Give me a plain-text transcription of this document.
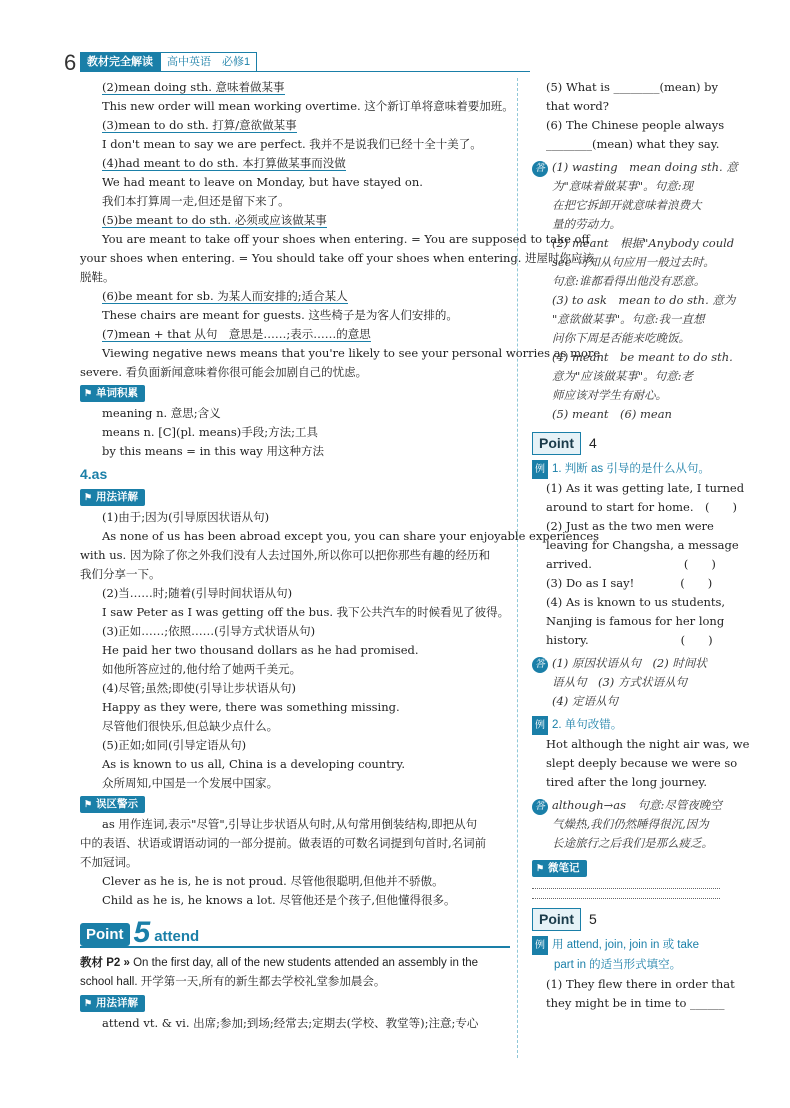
6 教材完全解读	高中英语　必修1
(2)mean doing sth. 意味着做某事
This new order will mean working overtime. 这个新订单将意味着要加班。
(3)mean to do sth. 打算/意欲做某事
I don't mean to say we are perfect. 我并不是说我们已经十全十美了。
(4)had meant to do sth. 本打算做某事而没做
We had meant to leave on Monday, but have stayed on.
我们本打算周一走,但还是留下来了。
(5)be meant to do sth. 必须或应该做某事
You are meant to take off your shoes when entering. = You are supposed to take off
your shoes when entering. = You should take off your shoes when entering. 进屋时你应该
脱鞋。
(6)be meant for sb. 为某人而安排的;适合某人
These chairs are meant for guests. 这些椅子是为客人们安排的。
(7)mean + that 从句　意思是……;表示……的意思
Viewing negative news means that you're likely to see your personal worries as more
severe. 看负面新闻意味着你很可能会加剧自己的忧虑。
⚑ 单词积累
meaning n. 意思;含义
means n. [C](pl. means)手段;方法;工具
by this means = in this way 用这种方法
4.as
⚑ 用法详解
(1)由于;因为(引导原因状语从句)
As none of us has been abroad except you, you can share your enjoyable experiences
with us. 因为除了你之外我们没有人去过国外,所以你可以把你那些有趣的经历和
我们分享一下。
(2)当……时;随着(引导时间状语从句)
I saw Peter as I was getting off the bus. 我下公共汽车的时候看见了彼得。
(3)正如……;依照……(引导方式状语从句)
He paid her two thousand dollars as he had promised.
如他所答应过的,他付给了她两千美元。
(4)尽管;虽然;即使(引导让步状语从句)
Happy as they were, there was something missing.
尽管他们很快乐,但总缺少点什么。
(5)正如;如同(引导定语从句)
As is known to us all, China is a developing country.
众所周知,中国是一个发展中国家。
⚑ 误区警示
as 用作连词,表示"尽管",引导让步状语从句时,从句常用倒装结构,即把从句
中的表语、状语或谓语动词的一部分提前。做表语的可数名词提到句首时,名词前
不加冠词。
Clever as he is, he is not proud. 尽管他很聪明,但他并不骄傲。
Child as he is, he knows a lot. 尽管他还是个孩子,但他懂得很多。
Point 5 attend
教材 P2 » On the first day, all of the new students attended an assembly in the
school hall. 开学第一天,所有的新生都去学校礼堂参加晨会。
⚑ 用法详解
attend vt. & vi. 出席;参加;到场;经常去;定期去(学校、教堂等);注意;专心
(5) What is ________(mean) by
that word?
(6) The Chinese people always
________(mean) what they say.
答 (1) wasting　mean doing sth. 意
为"意味着做某事"。句意:现
在把它拆卸开就意味着浪费大
量的劳动力。
(2) meant　根据"Anybody could
see"可知从句应用一般过去时。
句意:谁都看得出他没有恶意。
(3) to ask　mean to do sth. 意为
"意欲做某事"。句意:我一直想
问你下周是否能来吃晚饭。
(4) meant　be meant to do sth.
意为"应该做某事"。句意:老
师应该对学生有耐心。
(5) meant　(6) mean
Point	4
例 1. 判断 as 引导的是什么从句。
(1) As it was getting late, I turned
around to start for home.　(　　)
(2) Just as the two men were
leaving for Changsha, a message
arrived.　　　　　　　　(　　)
(3) Do as I say!　　　　(　　)
(4) As is known to us students,
Nanjing is famous for her long
history.　　　　　　　　(　　)
答 (1) 原因状语从句　(2) 时间状
语从句　(3) 方式状语从句
(4) 定语从句
例 2. 单句改错。
Hot although the night air was, we
slept deeply because we were so
tired after the long journey.
答 although→as　句意:尽管夜晚空
气燥热,我们仍然睡得很沉,因为
长途旅行之后我们是那么疲乏。
⚑ 微笔记
Point	5
例 用 attend, join, join in 或 take
part in 的适当形式填空。
(1) They flew there in order that
they might be in time to ______
